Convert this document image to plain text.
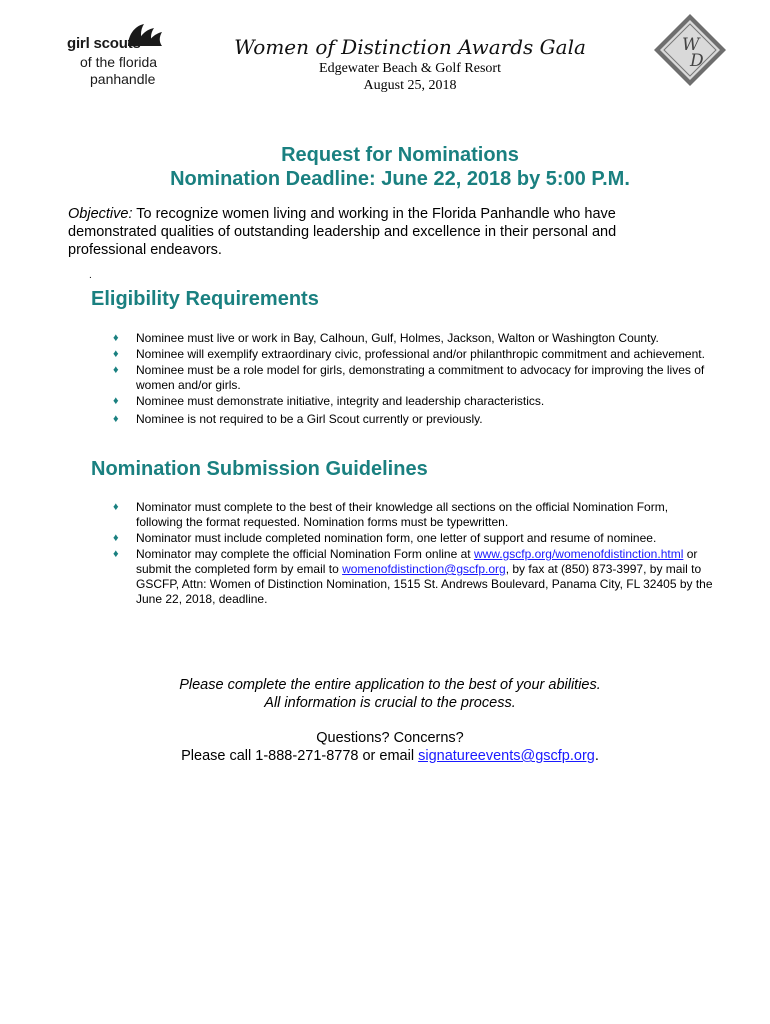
girl scouts
of the florida
panhandle

Women of Distinction Awards Gala

Edgewater Beach & Golf Resort

August 25, 2018

W
D
Request for Nominations
Nomination Deadline: June 22, 2018 by 5:00 P.M.
Objective: To recognize women living and working in the Florida Panhandle who have demonstrated qualities of outstanding leadership and excellence in their personal and professional endeavors.
.
Eligibility Requirements
♦ Nominee must live or work in Bay, Calhoun, Gulf, Holmes, Jackson, Walton or Washington County.
♦ Nominee will exemplify extraordinary civic, professional and/or philanthropic commitment and achievement.
♦ Nominee must be a role model for girls, demonstrating a commitment to advocacy for improving the lives of women and/or girls.
♦ Nominee must demonstrate initiative, integrity and leadership characteristics.
♦ Nominee is not required to be a Girl Scout currently or previously.
Nomination Submission Guidelines
♦ Nominator must complete to the best of their knowledge all sections on the official Nomination Form, following the format requested. Nomination forms must be typewritten.
♦ Nominator must include completed nomination form, one letter of support and resume of nominee.
♦ Nominator may complete the official Nomination Form online at www.gscfp.org/womenofdistinction.html or submit the completed form by email to womenofdistinction@gscfp.org, by fax at (850) 873-3997, by mail to GSCFP, Attn: Women of Distinction Nomination, 1515 St. Andrews Boulevard, Panama City, FL 32405 by the June 22, 2018, deadline.
Please complete the entire application to the best of your abilities.
All information is crucial to the process.
Questions? Concerns?
Please call 1-888-271-8778 or email signatureevents@gscfp.org.
